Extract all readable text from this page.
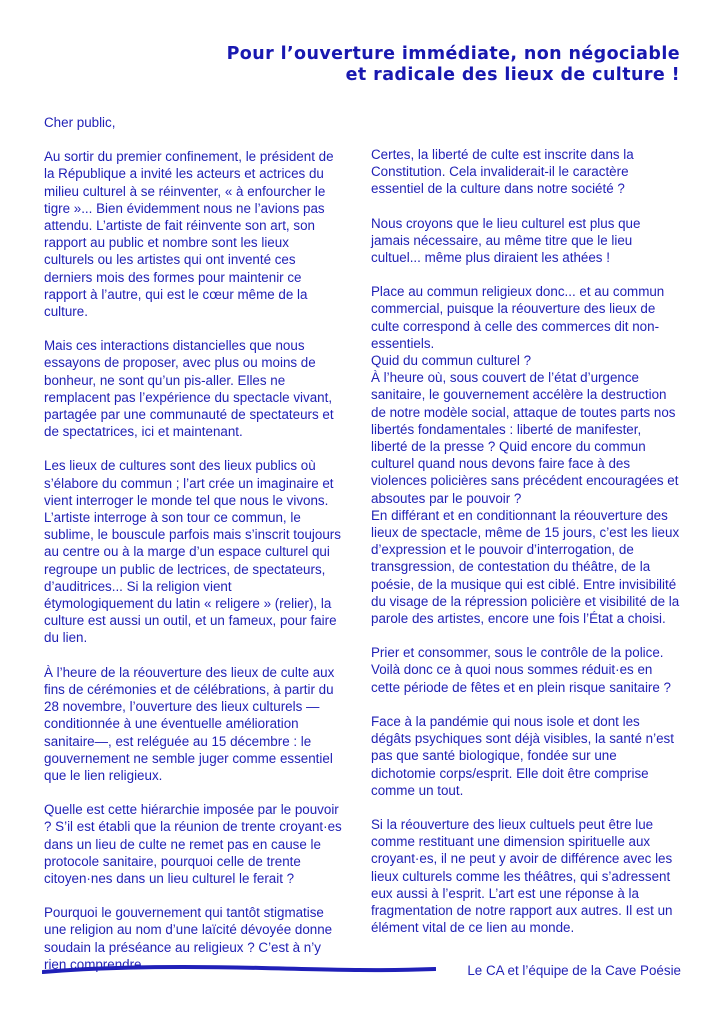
Pour l’ouverture immédiate, non négociable
et radicale des lieux de culture !

Cher public,

Au sortir du premier confinement, le président de la République a invité les acteurs et actrices du milieu culturel à se réinventer, « à enfourcher le tigre »... Bien évidemment nous ne l’avions pas attendu. L’artiste de fait réinvente son art, son rapport au public et nombre sont les lieux culturels ou les artistes qui ont inventé ces derniers mois des formes pour maintenir ce rapport à l’autre, qui est le cœur même de la culture.

Mais ces interactions distancielles que nous essayons de proposer, avec plus ou moins de bonheur, ne sont qu’un pis-aller. Elles ne remplacent pas l’expérience du spectacle vivant, partagée par une communauté de spectateurs et de spectatrices, ici et maintenant.

Les lieux de cultures sont des lieux publics où s’élabore du commun ; l’art crée un imaginaire et vient interroger le monde tel que nous le vivons. L’artiste interroge à son tour ce commun, le sublime, le bouscule parfois mais s’inscrit toujours au centre ou à la marge d’un espace culturel qui regroupe un public de lectrices, de spectateurs, d’auditrices... Si la religion vient étymologiquement du latin « religere » (relier), la culture est aussi un outil, et un fameux, pour faire du lien.

À l’heure de la réouverture des lieux de culte aux fins de cérémonies et de célébrations, à partir du 28 novembre, l’ouverture des lieux culturels —conditionnée à une éventuelle amélioration sanitaire—, est reléguée au 15 décembre : le gouvernement ne semble juger comme essentiel que le lien religieux.

Quelle est cette hiérarchie imposée par le pouvoir ? S’il est établi que la réunion de trente croyant·es dans un lieu de culte ne remet pas en cause le protocole sanitaire, pourquoi celle de trente citoyen·nes dans un lieu culturel le ferait ?

Pourquoi le gouvernement qui tantôt stigmatise une religion au nom d’une laïcité dévoyée donne soudain la préséance au religieux ? C’est à n’y rien comprendre.

Certes, la liberté de culte est inscrite dans la Constitution. Cela invaliderait-il le caractère essentiel de la culture dans notre société ?

Nous croyons que le lieu culturel est plus que jamais nécessaire, au même titre que le lieu cultuel... même plus diraient les athées !

Place au commun religieux donc... et au commun commercial, puisque la réouverture des lieux de culte correspond à celle des commerces dit non-essentiels.

Quid du commun culturel ?

À l’heure où, sous couvert de l’état d’urgence sanitaire, le gouvernement accélère la destruction de notre modèle social, attaque de toutes parts nos libertés fondamentales : liberté de manifester, liberté de la presse ? Quid encore du commun culturel quand nous devons faire face à des violences policières sans précédent encouragées et absoutes par le pouvoir ?

En différant et en conditionnant la réouverture des lieux de spectacle, même de 15 jours, c’est les lieux d’expression et le pouvoir d’interrogation, de transgression, de contestation du théâtre, de la poésie, de la musique qui est ciblé. Entre invisibilité du visage de la répression policière et visibilité de la parole des artistes, encore une fois l’État a choisi.

Prier et consommer, sous le contrôle de la police. Voilà donc ce à quoi nous sommes réduit·es en cette période de fêtes et en plein risque sanitaire ?

Face à la pandémie qui nous isole et dont les dégâts psychiques sont déjà visibles, la santé n’est pas que santé biologique, fondée sur une dichotomie corps/esprit. Elle doit être comprise comme un tout.

Si la réouverture des lieux cultuels peut être lue comme restituant une dimension spirituelle aux croyant·es, il ne peut y avoir de différence avec les lieux culturels comme les théâtres, qui s’adressent eux aussi à l’esprit. L’art est une réponse à la fragmentation de notre rapport aux autres. Il est un élément vital de ce lien au monde.

Le CA et l’équipe de la Cave Poésie
